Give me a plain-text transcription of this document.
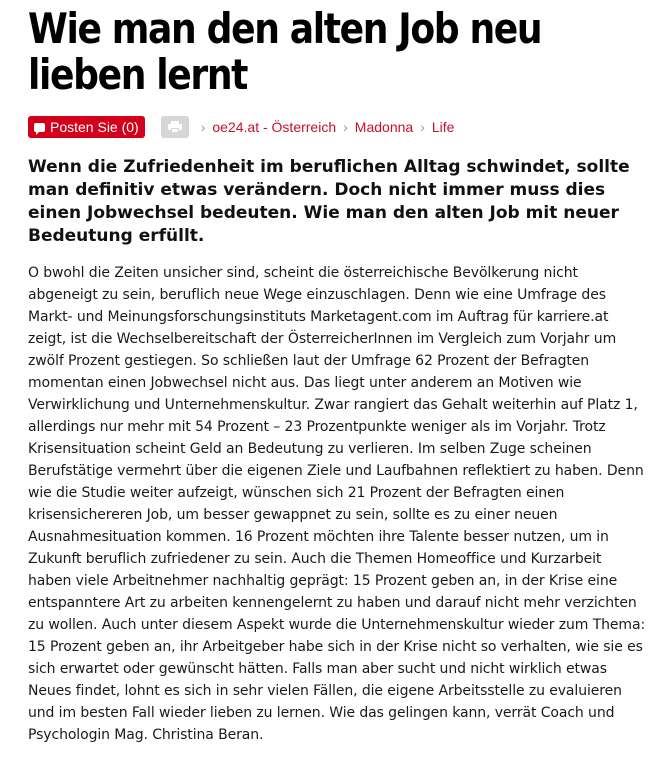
Wie man den alten Job neu lieben lernt
Posten Sie (0)	› oe24.at - Österreich › Madonna › Life

Wenn die Zufriedenheit im beruflichen Alltag schwindet, sollte man definitiv etwas verändern. Doch nicht immer muss dies einen Jobwechsel bedeuten. Wie man den alten Job mit neuer Bedeutung erfüllt.

O bwohl die Zeiten unsicher sind, scheint die österreichische Bevölkerung nicht abgeneigt zu sein, beruflich neue Wege einzuschlagen. Denn wie eine Umfrage des Markt- und Meinungsforschungsinstituts Marketagent.com im Auftrag für karriere.at zeigt, ist die Wechselbereitschaft der ÖsterreicherInnen im Vergleich zum Vorjahr um zwölf Prozent gestiegen. So schließen laut der Umfrage 62 Prozent der Befragten momentan einen Jobwechsel nicht aus. Das liegt unter anderem an Motiven wie Verwirklichung und Unternehmenskultur. Zwar rangiert das Gehalt weiterhin auf Platz 1, allerdings nur mehr mit 54 Prozent – 23 Prozentpunkte weniger als im Vorjahr. Trotz Krisensituation scheint Geld an Bedeutung zu verlieren. Im selben Zuge scheinen Berufstätige vermehrt über die eigenen Ziele und Laufbahnen reflektiert zu haben. Denn wie die Studie weiter aufzeigt, wünschen sich 21 Prozent der Befragten einen krisensichereren Job, um besser gewappnet zu sein, sollte es zu einer neuen Ausnahmesituation kommen. 16 Prozent möchten ihre Talente besser nutzen, um in Zukunft beruflich zufriedener zu sein. Auch die Themen Homeoffice und Kurzarbeit haben viele Arbeitnehmer nachhaltig geprägt: 15 Prozent geben an, in der Krise eine entspanntere Art zu arbeiten kennengelernt zu haben und darauf nicht mehr verzichten zu wollen. Auch unter diesem Aspekt wurde die Unternehmenskultur wieder zum Thema: 15 Prozent geben an, ihr Arbeitgeber habe sich in der Krise nicht so verhalten, wie sie es sich erwartet oder gewünscht hätten. Falls man aber sucht und nicht wirklich etwas Neues findet, lohnt es sich in sehr vielen Fällen, die eigene Arbeitsstelle zu evaluieren und im besten Fall wieder lieben zu lernen. Wie das gelingen kann, verrät Coach und Psychologin Mag. Christina Beran.
